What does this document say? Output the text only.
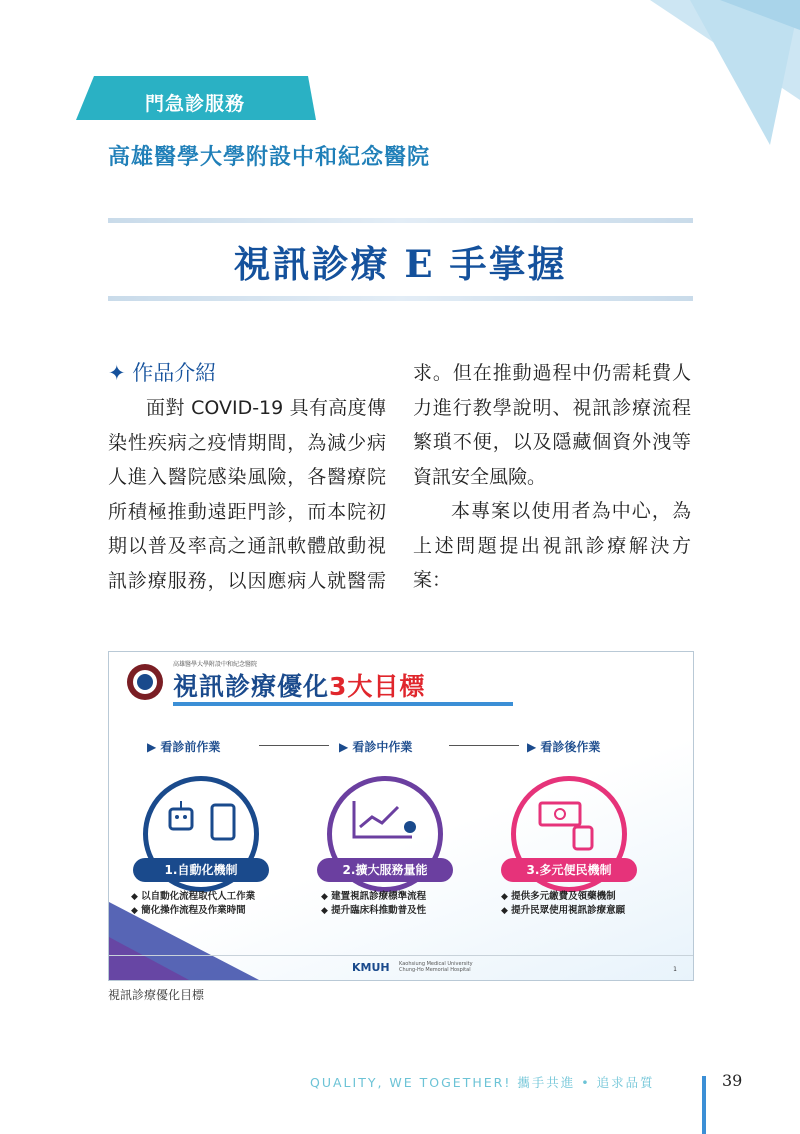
門急診服務
高雄醫學大學附設中和紀念醫院
視訊診療 E 手掌握

✦ 作品介紹

面對 COVID-19 具有高度傳染性疾病之疫情期間，為減少病人進入醫院感染風險，各醫療院所積極推動遠距門診，而本院初期以普及率高之通訊軟體啟動視訊診療服務，以因應病人就醫需

求。但在推動過程中仍需耗費人力進行教學說明、視訊診療流程繁瑣不便，以及隱藏個資外洩等資訊安全風險。

本專案以使用者為中心，為上述問題提出視訊診療解決方案：

高雄醫學大學附設中和紀念醫院
視訊診療優化3大目標
▶ 看診前作業	▶ 看診中作業	▶ 看診後作業
1.自動化機制
◆ 以自動化流程取代人工作業
◆ 簡化操作流程及作業時間
2.擴大服務量能
◆ 建置視訊診療標準流程
◆ 提升臨床科推動普及性
3.多元便民機制
◆ 提供多元繳費及領藥機制
◆ 提升民眾使用視訊診療意願
KMUH Kaohsiung Medical University
Chung-Ho Memorial Hospital	1
視訊診療優化目標
QUALITY, WE TOGETHER! 攜手共進 • 追求品質	39
